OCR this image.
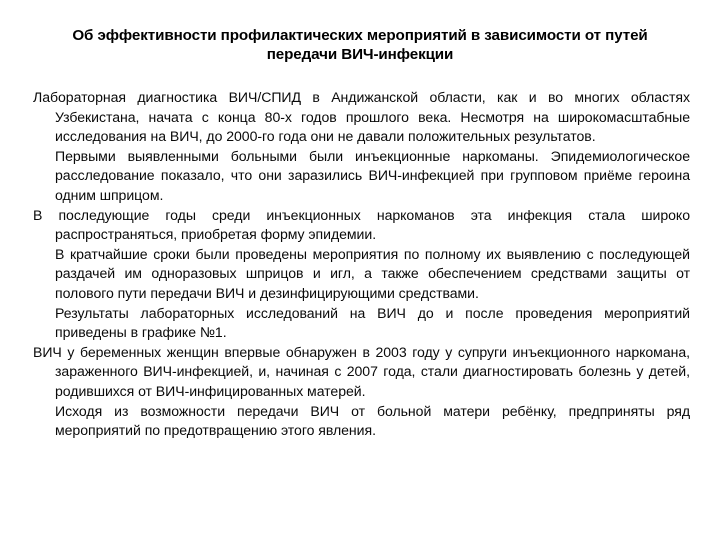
Об эффективности профилактических мероприятий в зависимости от путей передачи ВИЧ-инфекции

Лабораторная диагностика ВИЧ/СПИД в Андижанской области, как и во многих областях Узбекистана, начата с конца 80-х годов прошлого века. Несмотря на широкомасштабные исследования на ВИЧ, до 2000-го года они не давали положительных результатов.

Первыми выявленными больными были инъекционные наркоманы. Эпидемиологическое расследование показало, что они заразились ВИЧ-инфекцией при групповом приёме героина одним шприцом.

В последующие годы среди инъекционных наркоманов эта инфекция стала широко распространяться, приобретая форму эпидемии.

В кратчайшие сроки были проведены мероприятия по полному их выявлению с последующей раздачей им одноразовых шприцов и игл, а также обеспечением средствами защиты от полового пути передачи ВИЧ и дезинфицирующими средствами.

Результаты лабораторных исследований на ВИЧ до и после проведения мероприятий приведены в графике №1.

ВИЧ у беременных женщин впервые обнаружен в 2003 году у супруги инъекционного наркомана, зараженного ВИЧ-инфекцией, и, начиная с 2007 года, стали диагностировать болезнь у детей, родившихся от ВИЧ-инфицированных матерей.

Исходя из возможности передачи ВИЧ от больной матери ребёнку, предприняты ряд мероприятий по предотвращению этого явления.
